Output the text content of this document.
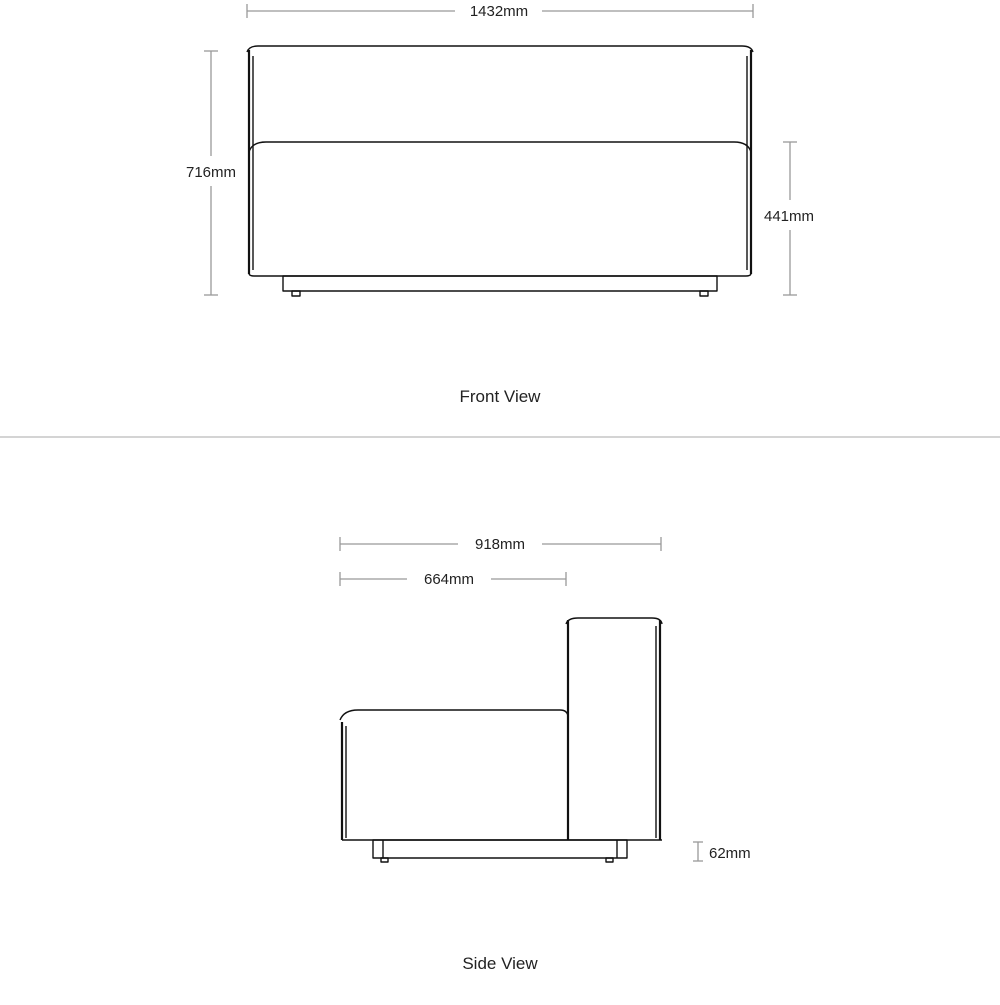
1432mm
716mm
441mm
Front View
918mm
664mm
62mm
Side View
